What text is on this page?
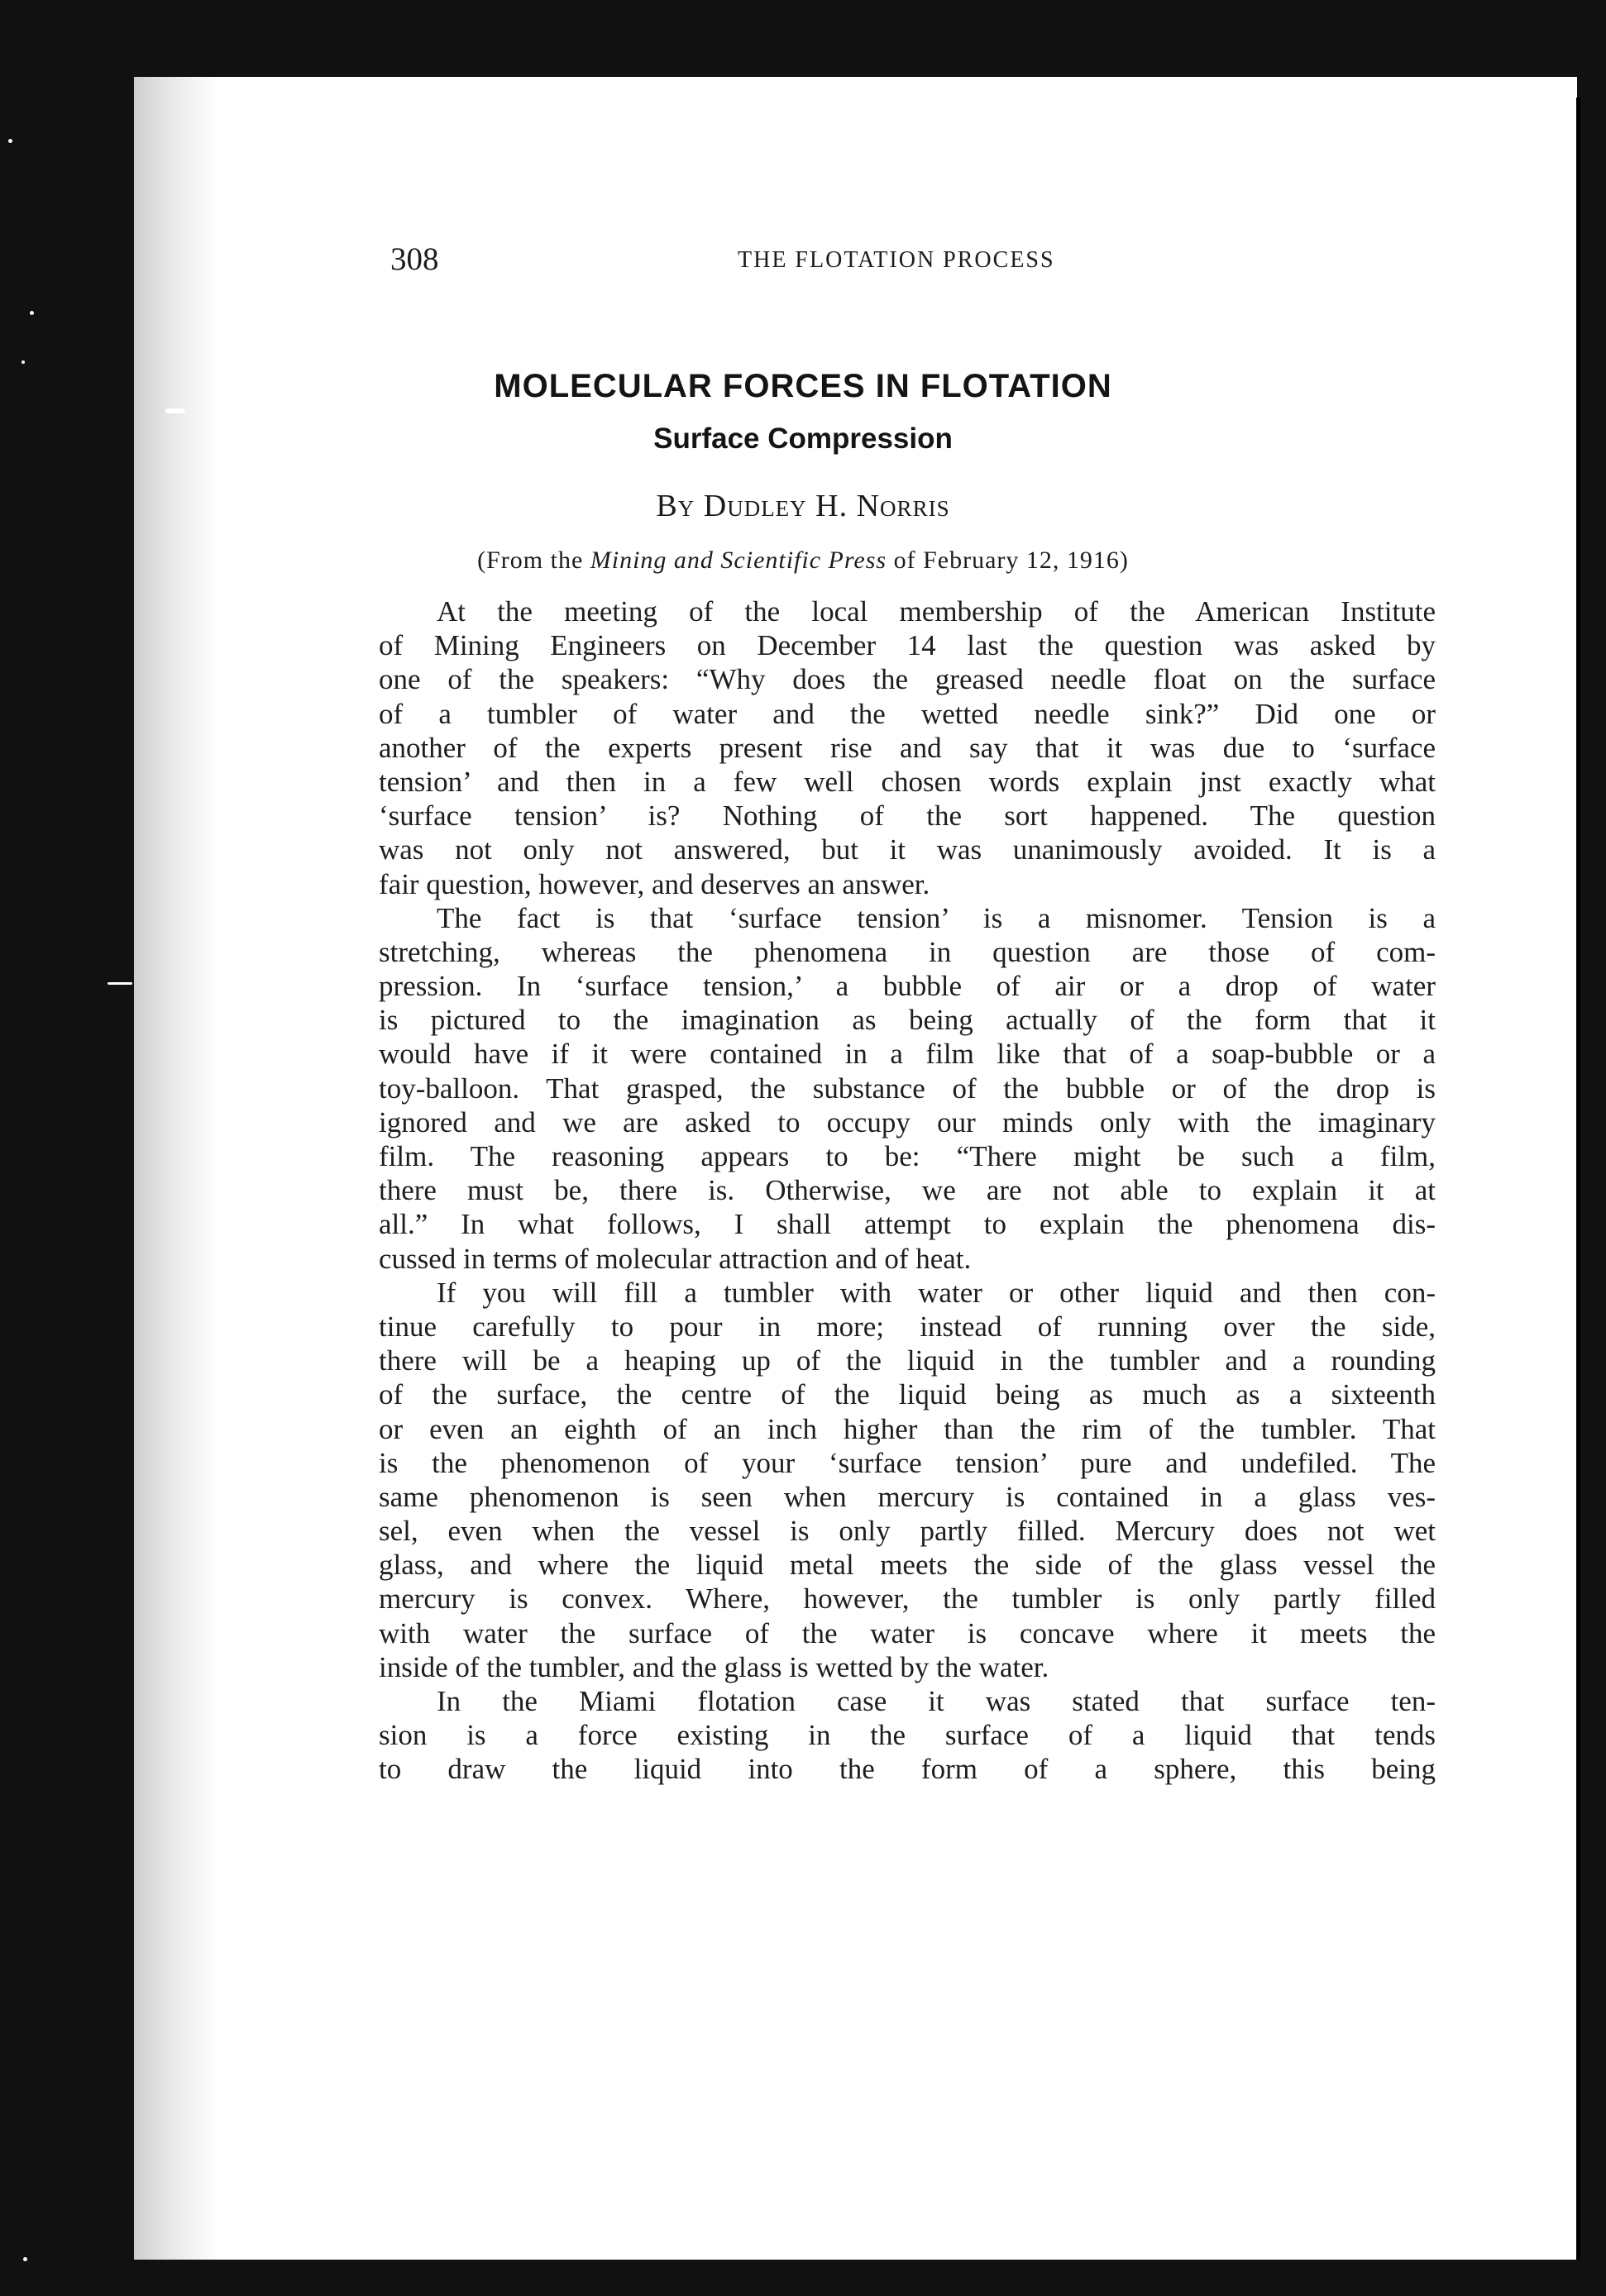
308	THE FLOTATION PROCESS
MOLECULAR FORCES IN FLOTATION
Surface Compression
By Dudley H. Norris
(From the Mining and Scientific Press of February 12, 1916)
At the meeting of the local membership of the American Institute
of Mining Engineers on December 14 last the question was asked by
one of the speakers: “Why does the greased needle float on the surface
of a tumbler of water and the wetted needle sink?” Did one or
another of the experts present rise and say that it was due to ‘surface
tension’ and then in a few well chosen words explain jnst exactly what
‘surface tension’ is? Nothing of the sort happened. The question
was not only not answered, but it was unanimously avoided. It is a
fair question, however, and deserves an answer.
The fact is that ‘surface tension’ is a misnomer. Tension is a
stretching, whereas the phenomena in question are those of com-
pression. In ‘surface tension,’ a bubble of air or a drop of water
is pictured to the imagination as being actually of the form that it
would have if it were contained in a film like that of a soap-bubble or a
toy-balloon. That grasped, the substance of the bubble or of the drop is
ignored and we are asked to occupy our minds only with the imaginary
film. The reasoning appears to be: “There might be such a film,
there must be, there is. Otherwise, we are not able to explain it at
all.” In what follows, I shall attempt to explain the phenomena dis-
cussed in terms of molecular attraction and of heat.
If you will fill a tumbler with water or other liquid and then con-
tinue carefully to pour in more; instead of running over the side,
there will be a heaping up of the liquid in the tumbler and a rounding
of the surface, the centre of the liquid being as much as a sixteenth
or even an eighth of an inch higher than the rim of the tumbler. That
is the phenomenon of your ‘surface tension’ pure and undefiled. The
same phenomenon is seen when mercury is contained in a glass ves-
sel, even when the vessel is only partly filled. Mercury does not wet
glass, and where the liquid metal meets the side of the glass vessel the
mercury is convex. Where, however, the tumbler is only partly filled
with water the surface of the water is concave where it meets the
inside of the tumbler, and the glass is wetted by the water.
In the Miami flotation case it was stated that surface ten-
sion is a force existing in the surface of a liquid that tends
to draw the liquid into the form of a sphere, this being
